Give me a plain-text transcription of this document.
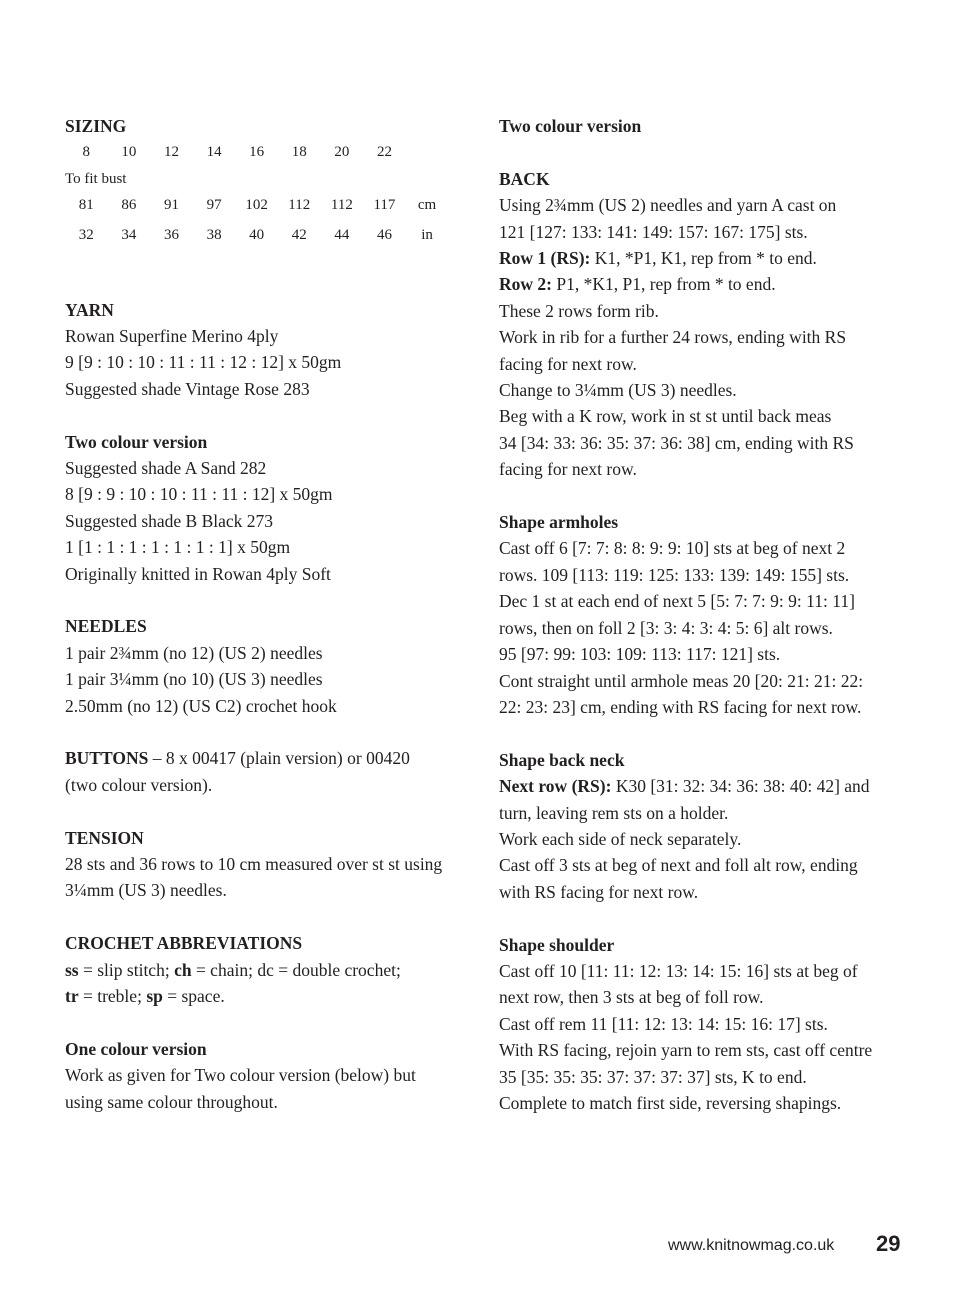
SIZING
8	10	12	14	16	18	20	22
To fit bust
81	86	91	97	102	112	112	117	cm
32	34	36	38	40	42	44	46	in
YARN
Rowan Superfine Merino 4ply
9 [9 : 10 : 10 : 11 : 11 : 12 : 12] x 50gm
Suggested shade Vintage Rose 283
Two colour version
Suggested shade A Sand 282
8 [9 : 9 : 10 : 10 : 11 : 11 : 12] x 50gm
Suggested shade B Black 273
1 [1 : 1 : 1 : 1 : 1 : 1 : 1] x 50gm
Originally knitted in Rowan 4ply Soft
NEEDLES
1 pair 2¾mm (no 12) (US 2) needles
1 pair 3¼mm (no 10) (US 3) needles
2.50mm (no 12) (US C2) crochet hook
BUTTONS – 8 x 00417 (plain version) or 00420
(two colour version).
TENSION
28 sts and 36 rows to 10 cm measured over st st using
3¼mm (US 3) needles.
CROCHET ABBREVIATIONS
ss = slip stitch; ch = chain; dc = double crochet;
tr = treble; sp = space.
One colour version
Work as given for Two colour version (below) but
using same colour throughout.
Two colour version
BACK
Using 2¾mm (US 2) needles and yarn A cast on
121 [127: 133: 141: 149: 157: 167: 175] sts.
Row 1 (RS): K1, *P1, K1, rep from * to end.
Row 2: P1, *K1, P1, rep from * to end.
These 2 rows form rib.
Work in rib for a further 24 rows, ending with RS
facing for next row.
Change to 3¼mm (US 3) needles.
Beg with a K row, work in st st until back meas
34 [34: 33: 36: 35: 37: 36: 38] cm, ending with RS
facing for next row.
Shape armholes
Cast off 6 [7: 7: 8: 8: 9: 9: 10] sts at beg of next 2
rows. 109 [113: 119: 125: 133: 139: 149: 155] sts.
Dec 1 st at each end of next 5 [5: 7: 7: 9: 9: 11: 11]
rows, then on foll 2 [3: 3: 4: 3: 4: 5: 6] alt rows.
95 [97: 99: 103: 109: 113: 117: 121] sts.
Cont straight until armhole meas 20 [20: 21: 21: 22:
22: 23: 23] cm, ending with RS facing for next row.
Shape back neck
Next row (RS): K30 [31: 32: 34: 36: 38: 40: 42] and
turn, leaving rem sts on a holder.
Work each side of neck separately.
Cast off 3 sts at beg of next and foll alt row, ending
with RS facing for next row.
Shape shoulder
Cast off 10 [11: 11: 12: 13: 14: 15: 16] sts at beg of
next row, then 3 sts at beg of foll row.
Cast off rem 11 [11: 12: 13: 14: 15: 16: 17] sts.
With RS facing, rejoin yarn to rem sts, cast off centre
35 [35: 35: 35: 37: 37: 37: 37] sts, K to end.
Complete to match first side, reversing shapings.
www.knitnowmag.co.uk 29
